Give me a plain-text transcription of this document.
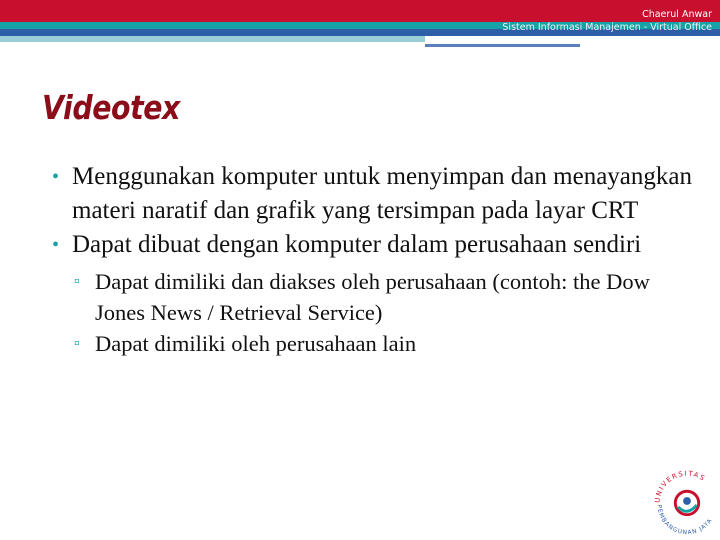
Chaerul Anwar
Sistem Informasi Manajemen - Virtual Office
Videotex
• Menggunakan komputer untuk menyimpan dan menayangkan materi naratif dan grafik yang tersimpan pada layar CRT
• Dapat dibuat dengan komputer dalam perusahaan sendiri
▫ Dapat dimiliki dan diakses oleh perusahaan (contoh: the Dow Jones News / Retrieval Service)
▫ Dapat dimiliki oleh perusahaan lain
UNIVERSITAS
PEMBANGUNAN JAYA
